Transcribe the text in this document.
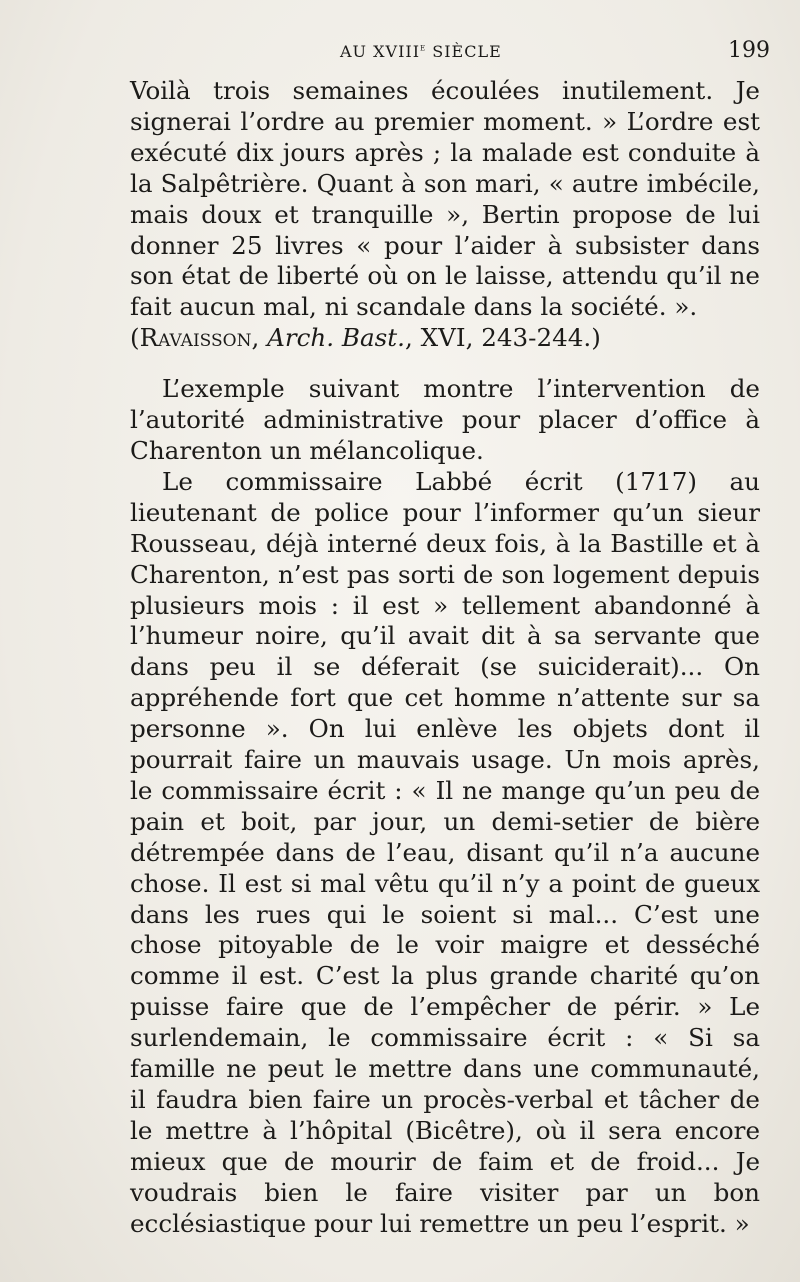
AU XVIIIe SIÈCLE	199

Voilà trois semaines écoulées inutilement. Je signerai l’ordre au premier moment. » L’ordre est exécuté dix jours après ; la malade est conduite à la Salpêtrière. Quant à son mari, « autre imbécile, mais doux et tranquille », Bertin propose de lui donner 25 livres « pour l’aider à subsister dans son état de liberté où on le laisse, attendu qu’il ne fait aucun mal, ni scandale dans la société. ».

(Ravaisson, Arch. Bast., XVI, 243-244.)

L’exemple suivant montre l’intervention de l’autorité administrative pour placer d’office à Charenton un mélancolique.

Le commissaire Labbé écrit (1717) au lieutenant de police pour l’informer qu’un sieur Rousseau, déjà interné deux fois, à la Bastille et à Charenton, n’est pas sorti de son logement depuis plusieurs mois : il est » tellement abandonné à l’humeur noire, qu’il avait dit à sa servante que dans peu il se déferait (se suiciderait)... On appréhende fort que cet homme n’attente sur sa personne ». On lui enlève les objets dont il pourrait faire un mauvais usage. Un mois après, le commissaire écrit : « Il ne mange qu’un peu de pain et boit, par jour, un demi-setier de bière détrempée dans de l’eau, disant qu’il n’a aucune chose. Il est si mal vêtu qu’il n’y a point de gueux dans les rues qui le soient si mal... C’est une chose pitoyable de le voir maigre et desséché comme il est. C’est la plus grande charité qu’on puisse faire que de l’empêcher de périr. » Le surlendemain, le commissaire écrit : « Si sa famille ne peut le mettre dans une communauté, il faudra bien faire un procès-verbal et tâcher de le mettre à l’hôpital (Bicêtre), où il sera encore mieux que de mourir de faim et de froid... Je voudrais bien le faire visiter par un bon ecclésiastique pour lui remettre un peu l’esprit. »
